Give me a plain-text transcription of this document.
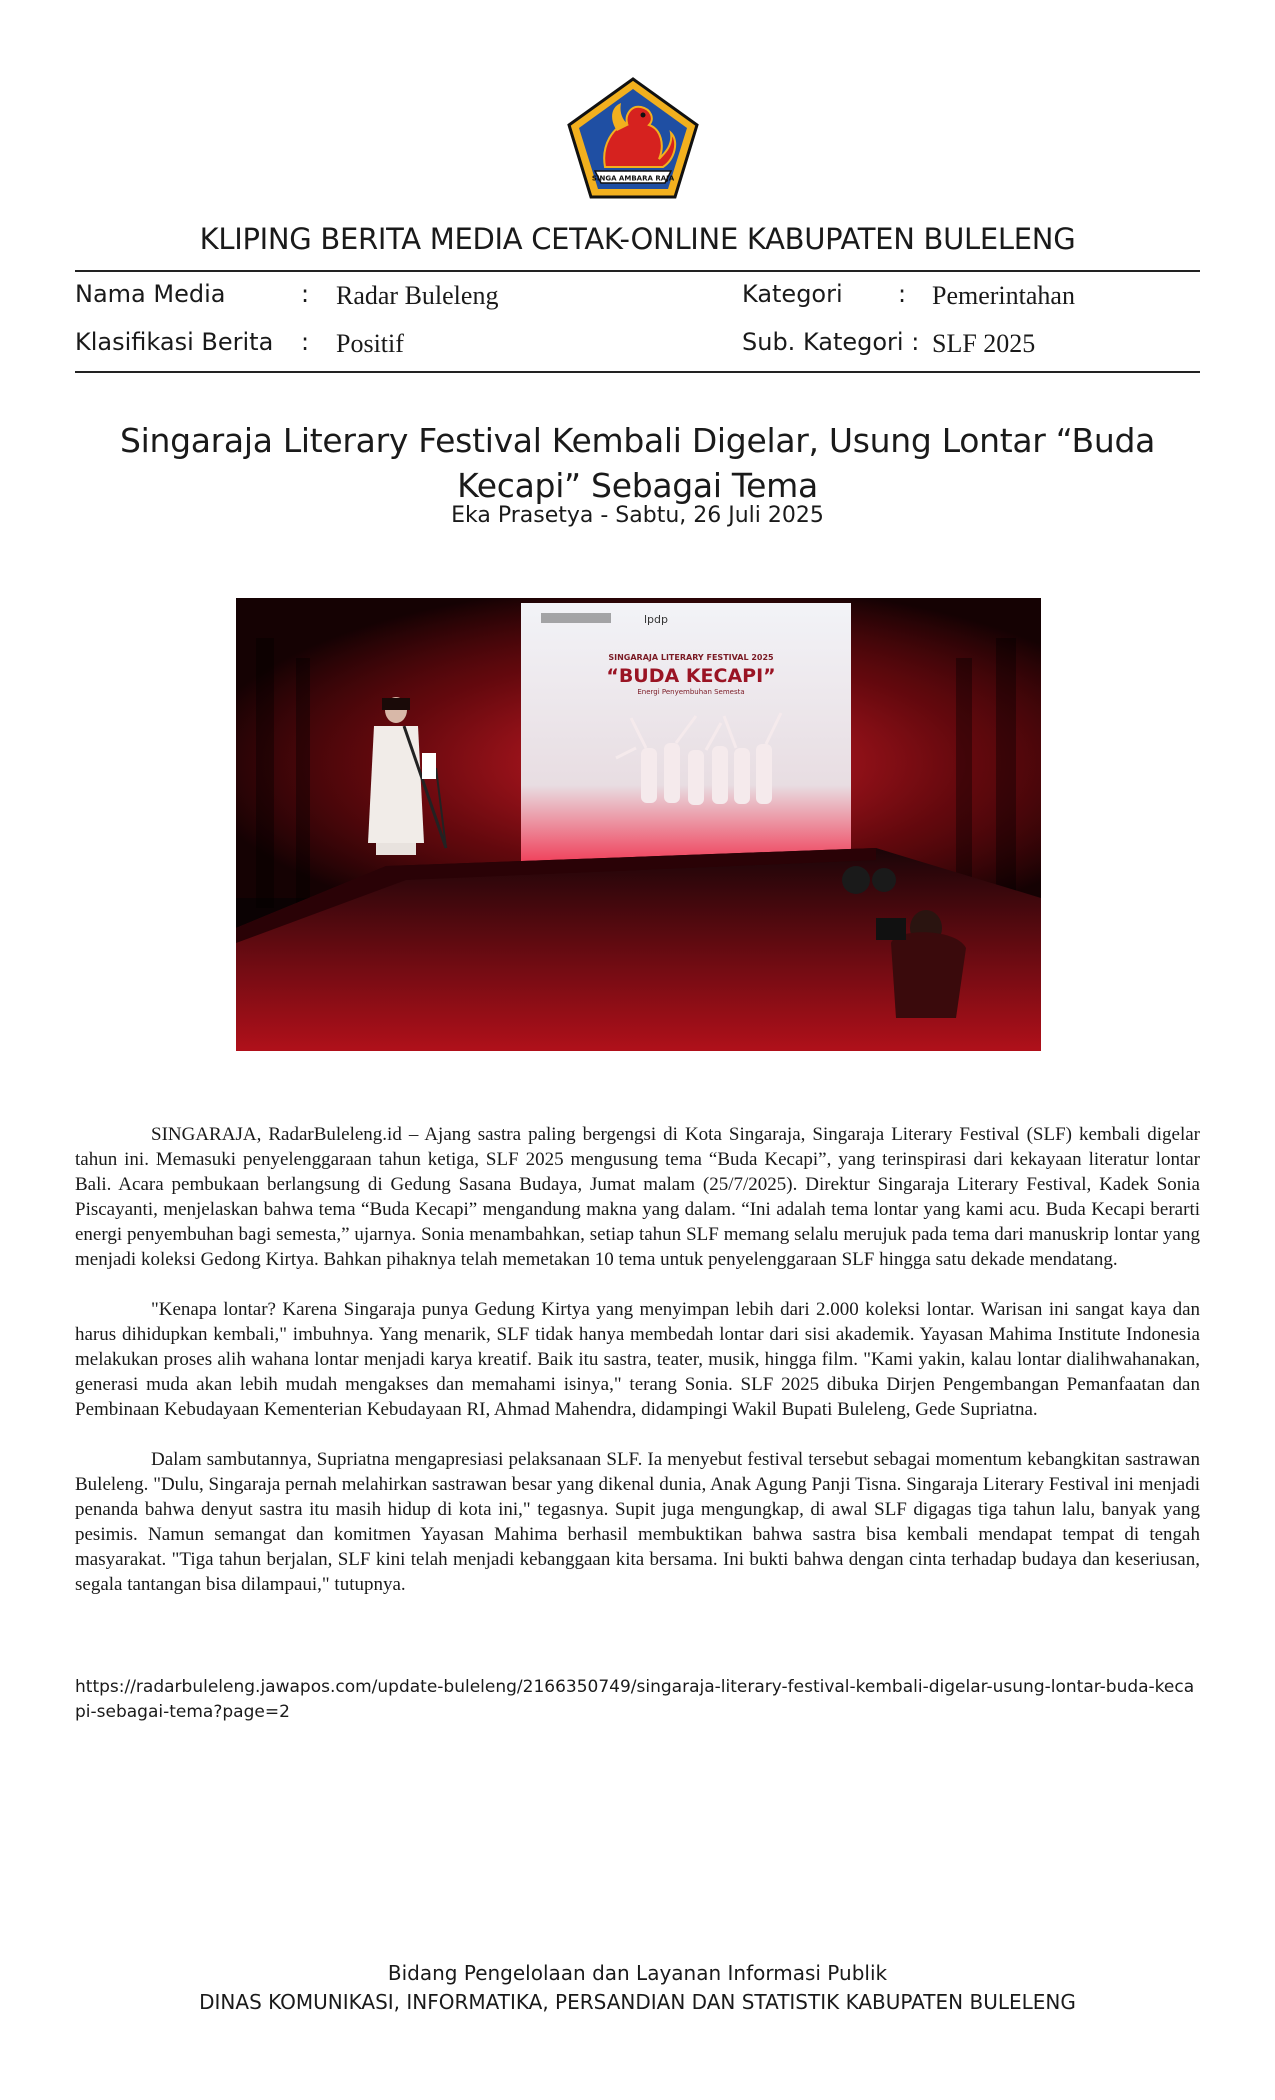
SINGA AMBARA RAJA
KLIPING BERITA MEDIA CETAK-ONLINE KABUPATEN BULELENG
Nama Media	: Radar Buleleng	Kategori : Pemerintahan
Klasifikasi Berita : Positif	Sub. Kategori : SLF 2025
Singaraja Literary Festival Kembali Digelar, Usung Lontar “Buda Kecapi” Sebagai Tema
Eka Prasetya - Sabtu, 26 Juli 2025
SINGARAJA LITERARY FESTIVAL 2025
“BUDA KECAPI”
Energi Penyembuhan Semesta
lpdp

SINGARAJA, RadarBuleleng.id – Ajang sastra paling bergengsi di Kota Singaraja, Singaraja Literary Festival (SLF) kembali digelar tahun ini. Memasuki penyelenggaraan tahun ketiga, SLF 2025 mengusung tema “Buda Kecapi”, yang terinspirasi dari kekayaan literatur lontar Bali. Acara pembukaan berlangsung di Gedung Sasana Budaya, Jumat malam (25/7/2025). Direktur Singaraja Literary Festival, Kadek Sonia Piscayanti, menjelaskan bahwa tema “Buda Kecapi” mengandung makna yang dalam. “Ini adalah tema lontar yang kami acu. Buda Kecapi berarti energi penyembuhan bagi semesta,” ujarnya. Sonia menambahkan, setiap tahun SLF memang selalu merujuk pada tema dari manuskrip lontar yang menjadi koleksi Gedong Kirtya. Bahkan pihaknya telah memetakan 10 tema untuk penyelenggaraan SLF hingga satu dekade mendatang.

"Kenapa lontar? Karena Singaraja punya Gedung Kirtya yang menyimpan lebih dari 2.000 koleksi lontar. Warisan ini sangat kaya dan harus dihidupkan kembali," imbuhnya. Yang menarik, SLF tidak hanya membedah lontar dari sisi akademik. Yayasan Mahima Institute Indonesia melakukan proses alih wahana lontar menjadi karya kreatif. Baik itu sastra, teater, musik, hingga film. "Kami yakin, kalau lontar dialihwahanakan, generasi muda akan lebih mudah mengakses dan memahami isinya," terang Sonia. SLF 2025 dibuka Dirjen Pengembangan Pemanfaatan dan Pembinaan Kebudayaan Kementerian Kebudayaan RI, Ahmad Mahendra, didampingi Wakil Bupati Buleleng, Gede Supriatna.

Dalam sambutannya, Supriatna mengapresiasi pelaksanaan SLF. Ia menyebut festival tersebut sebagai momentum kebangkitan sastrawan Buleleng. "Dulu, Singaraja pernah melahirkan sastrawan besar yang dikenal dunia, Anak Agung Panji Tisna. Singaraja Literary Festival ini menjadi penanda bahwa denyut sastra itu masih hidup di kota ini," tegasnya. Supit juga mengungkap, di awal SLF digagas tiga tahun lalu, banyak yang pesimis. Namun semangat dan komitmen Yayasan Mahima berhasil membuktikan bahwa sastra bisa kembali mendapat tempat di tengah masyarakat. "Tiga tahun berjalan, SLF kini telah menjadi kebanggaan kita bersama. Ini bukti bahwa dengan cinta terhadap budaya dan keseriusan, segala tantangan bisa dilampaui," tutupnya.

https://radarbuleleng.jawapos.com/update-buleleng/2166350749/singaraja-literary-festival-kembali-digelar-usung-lontar-buda-kecapi-sebagai-tema?page=2
Bidang Pengelolaan dan Layanan Informasi Publik
DINAS KOMUNIKASI, INFORMATIKA, PERSANDIAN DAN STATISTIK KABUPATEN BULELENG
